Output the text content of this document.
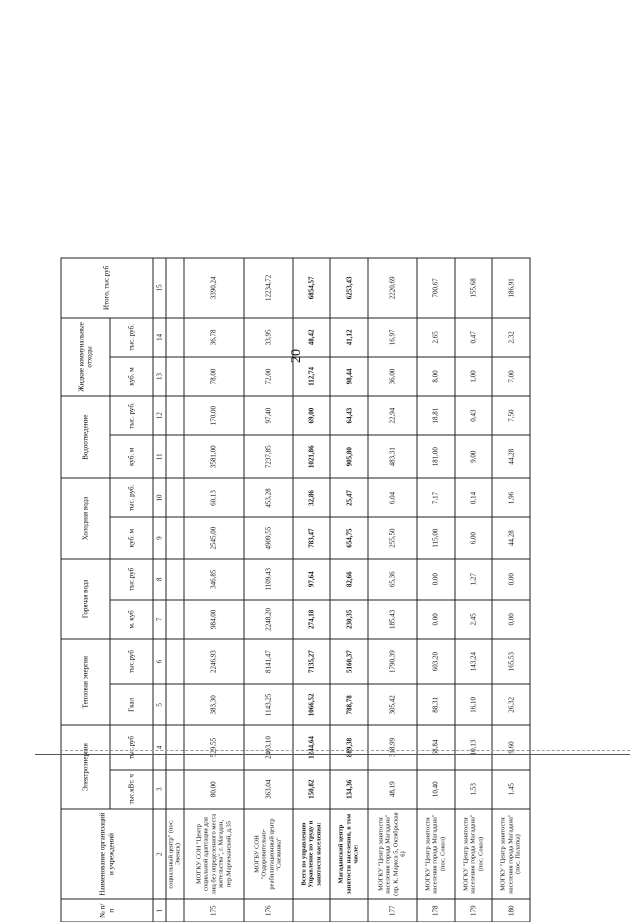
20
№ п/п	Наименование организаций и учреждений	Электроэнергия		Тепловая энергия		Горячая вода		Холодная вода		Водоотведение		Жидкие коммунальные отходы		Итого, тыс.руб
		тыс.кВт. ч	тыс.руб	Гкал	тыс.руб	м. куб	тыс.руб	куб. м	тыс. руб.	куб. м	тыс. руб.	куб. м	тыс. руб.	
1	2	3	4	5	6	7	8	9	10	11	12	13	14	15
	социальный центр" (пос. Эвенск)													
175	МОГКУ СОН "Центр социальной адаптации для лиц без определенного места жительства", г. Магадан, пер.Марчеканский, д.35	80,00	529,55	383,30	2246,93	984,00	346,85	2545,00	60,13	3581,00	170,00	78,00	36,78	3390,24
176	МОГБУ СОН "Оздоровительно-реабилитационный центр "Снежинка"	363,04	2403,10	1143,25	8141,47	2248,20	1109,43	4909,55	453,28	7237,85	97,40	72,00	33,95	12234,72
	Всего по управлению Управление по труду и занятости населения:	150,82	1244,64	1066,52	7135,27	274,18	97,64	783,47	32,86	1021,86	69,00	112,74	48,42	6854,57
	Магаданский центр занятости населения, в том числе:	134,36	889,38	788,78	5160,37	230,35	82,66	654,75	25,47	905,80	64,43	98,44	41,12	6253,43
177	МОГКУ "Центр занятости населения города Магадана" (пр. К. Маркса 5, Октябрьская 6)	48,19	318,99	305,42	1790,39	185,43	65,36	255,50	6,04	483,31	22,94	36,00	16,97	2220,69
178	МОГКУ "Центр занятости населения города Магадана" (пос. Сокол)	10,40	68,84	88,31	603,20	0,00	0,00	115,00	7,17	181,00	18,81	8,00	2,65	700,67
179	МОГКУ "Центр занятости населения города Магадана" (пос. Сокол)	1,53	10,13	16,10	143,24	2,45	1,27	6,00	0,14	9,00	0,43	1,00	0,47	155,68
180	МОГКУ "Центр занятости населения города Магадана" (пос. Палатка)	1,45	9,60	26,32	165,53	0,00	0,00	44,28	1,96	44,28	7,50	7,00	2,32	186,91
